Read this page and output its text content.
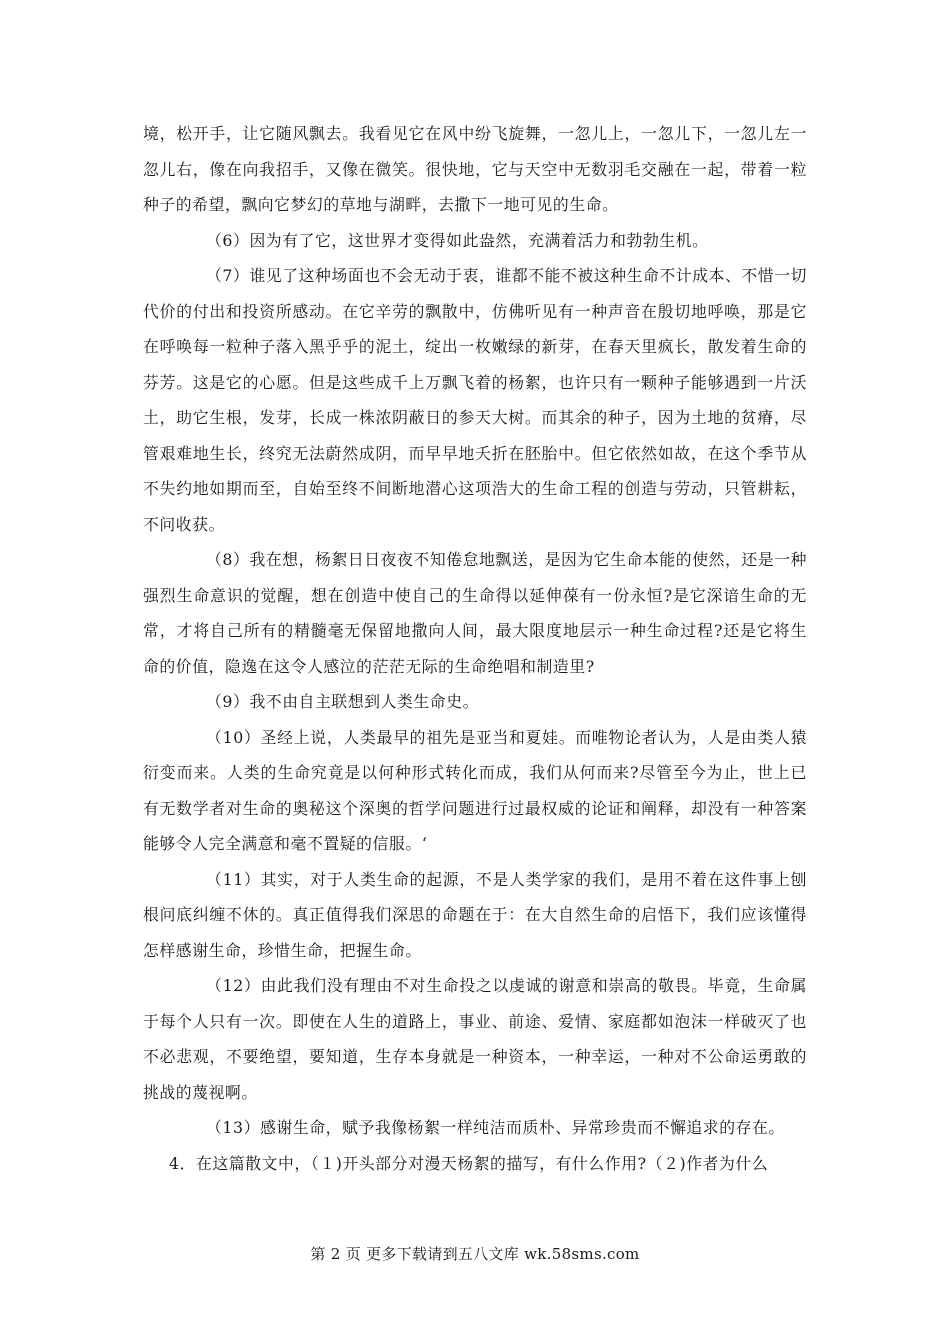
境，松开手，让它随风飘去。我看见它在风中纷飞旋舞，一忽儿上，一忽儿下，一忽儿左一忽儿右，像在向我招手，又像在微笑。很快地，它与天空中无数羽毛交融在一起，带着一粒种子的希望，飘向它梦幻的草地与湖畔，去撒下一地可见的生命。

（6）因为有了它，这世界才变得如此盎然，充满着活力和勃勃生机。

（7）谁见了这种场面也不会无动于衷，谁都不能不被这种生命不计成本、不惜一切代价的付出和投资所感动。在它辛劳的飘散中，仿佛听见有一种声音在殷切地呼唤，那是它在呼唤每一粒种子落入黑乎乎的泥土，绽出一枚嫩绿的新芽，在春天里疯长，散发着生命的芬芳。这是它的心愿。但是这些成千上万飘飞着的杨絮，也许只有一颗种子能够遇到一片沃土，助它生根，发芽，长成一株浓阴蔽日的参天大树。而其余的种子，因为土地的贫瘠，尽管艰难地生长，终究无法蔚然成阴，而早早地夭折在胚胎中。但它依然如故，在这个季节从不失约地如期而至，自始至终不间断地潜心这项浩大的生命工程的创造与劳动，只管耕耘，不问收获。

（8）我在想，杨絮日日夜夜不知倦怠地飘送，是因为它生命本能的使然，还是一种强烈生命意识的觉醒，想在创造中使自己的生命得以延伸葆有一份永恒?是它深谙生命的无常，才将自己所有的精髓毫无保留地撒向人间，最大限度地层示一种生命过程?还是它将生命的价值，隐逸在这令人感泣的茫茫无际的生命绝唱和制造里?

（9）我不由自主联想到人类生命史。

（10）圣经上说，人类最早的祖先是亚当和夏娃。而唯物论者认为，人是由类人猿衍变而来。人类的生命究竟是以何种形式转化而成，我们从何而来?尽管至今为止，世上已有无数学者对生命的奥秘这个深奥的哲学问题进行过最权威的论证和阐释，却没有一种答案能够令人完全满意和毫不置疑的信服。‘

（11）其实，对于人类生命的起源，不是人类学家的我们，是用不着在这件事上刨根问底纠缠不休的。真正值得我们深思的命题在于：在大自然生命的启悟下，我们应该懂得怎样感谢生命，珍惜生命，把握生命。

（12）由此我们没有理由不对生命投之以虔诚的谢意和崇高的敬畏。毕竟，生命属于每个人只有一次。即使在人生的道路上，事业、前途、爱情、家庭都如泡沫一样破灭了也不必悲观，不要绝望，要知道，生存本身就是一种资本，一种幸运，一种对不公命运勇敢的挑战的蔑视啊。

（13）感谢生命，赋予我像杨絮一样纯洁而质朴、异常珍贵而不懈追求的存在。

4．在这篇散文中，（１)开头部分对漫天杨絮的描写，有什么作用?（２)作者为什么

第 2 页 更多下载请到五八文库 wk.58sms.com
